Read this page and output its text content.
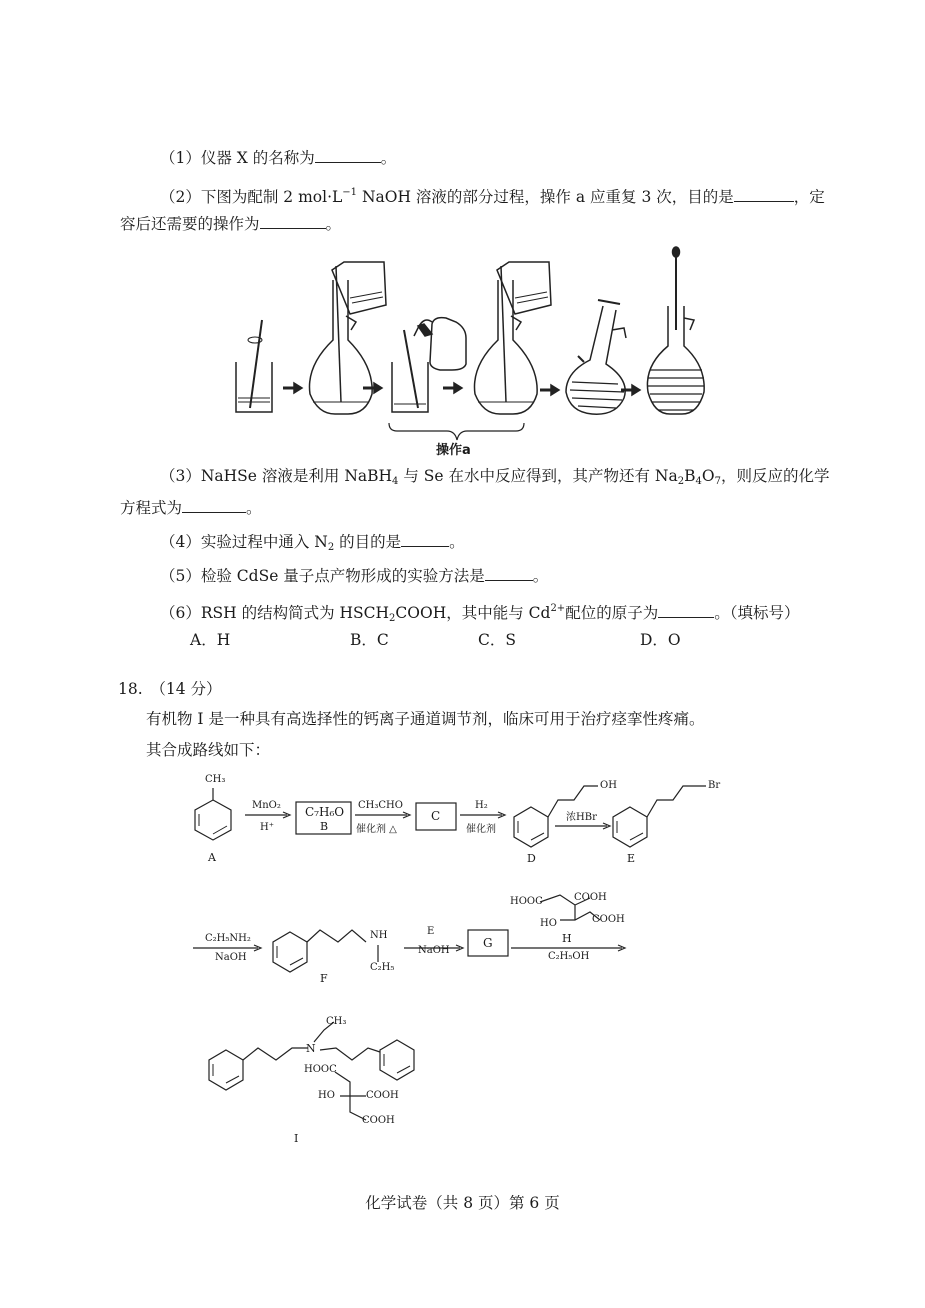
（1）仪器 X 的名称为	。
（2）下图为配制 2 $mol\cdot L^{-1}$ NaOH 溶液的部分过程，操作 a 应重复 3 次，目的是	，定
容后还需要的操作为	。
操作a
（3）NaHSe 溶液是利用 NaBH$_4$ 与 Se 在水中反应得到，其产物还有 $Na_2B_4O_7$，则反应的化学
方程式为	。
（4）实验过程中通入 $N_2$ 的目的是	。
（5）检验 CdSe 量子点产物形成的实验方法是	。
（6）RSH 的结构简式为 $HSCH_2COOH$，其中能与 $Cd^{2+}$配位的原子为	。（填标号）
A．H	B．C	C．S	D．O
18.　（14 分）
有机物 I 是一种具有高选择性的钙离子通道调节剂，临床可用于治疗痉挛性疼痛。
其合成路线如下：
CH₃
A
MnO₂
H⁺
C₇H₆O
B
CH₃CHO
催化剂 △
C
H₂
催化剂
OH
D
浓HBr
Br
E
C₂H₅NH₂
NaOH
NH
C₂H₅
F
E
NaOH
G
HOOC	COOH
HO	COOH
H
C₂H₅OH
CH₃
N
HOOC
HO	COOH
COOH
I
化学试卷（共 8 页）第 6 页
